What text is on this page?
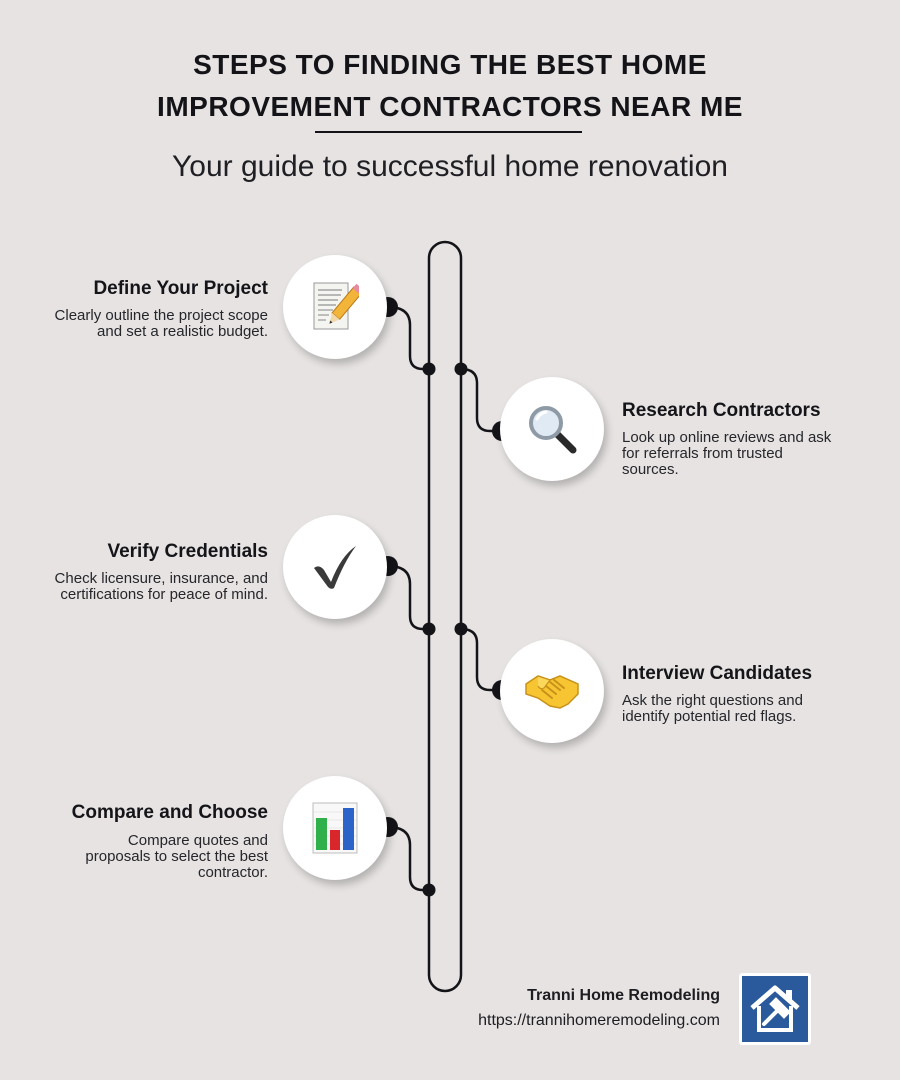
STEPS TO FINDING THE BEST HOME
IMPROVEMENT CONTRACTORS NEAR ME
Your guide to successful home renovation
Define Your Project
Clearly outline the project scope and set a realistic budget.
Research Contractors
Look up online reviews and ask for referrals from trusted sources.
Verify Credentials
Check licensure, insurance, and certifications for peace of mind.
Interview Candidates
Ask the right questions and identify potential red flags.
Compare and Choose
Compare quotes and proposals to select the best contractor.
Tranni Home Remodeling
https://trannihomeremodeling.com
